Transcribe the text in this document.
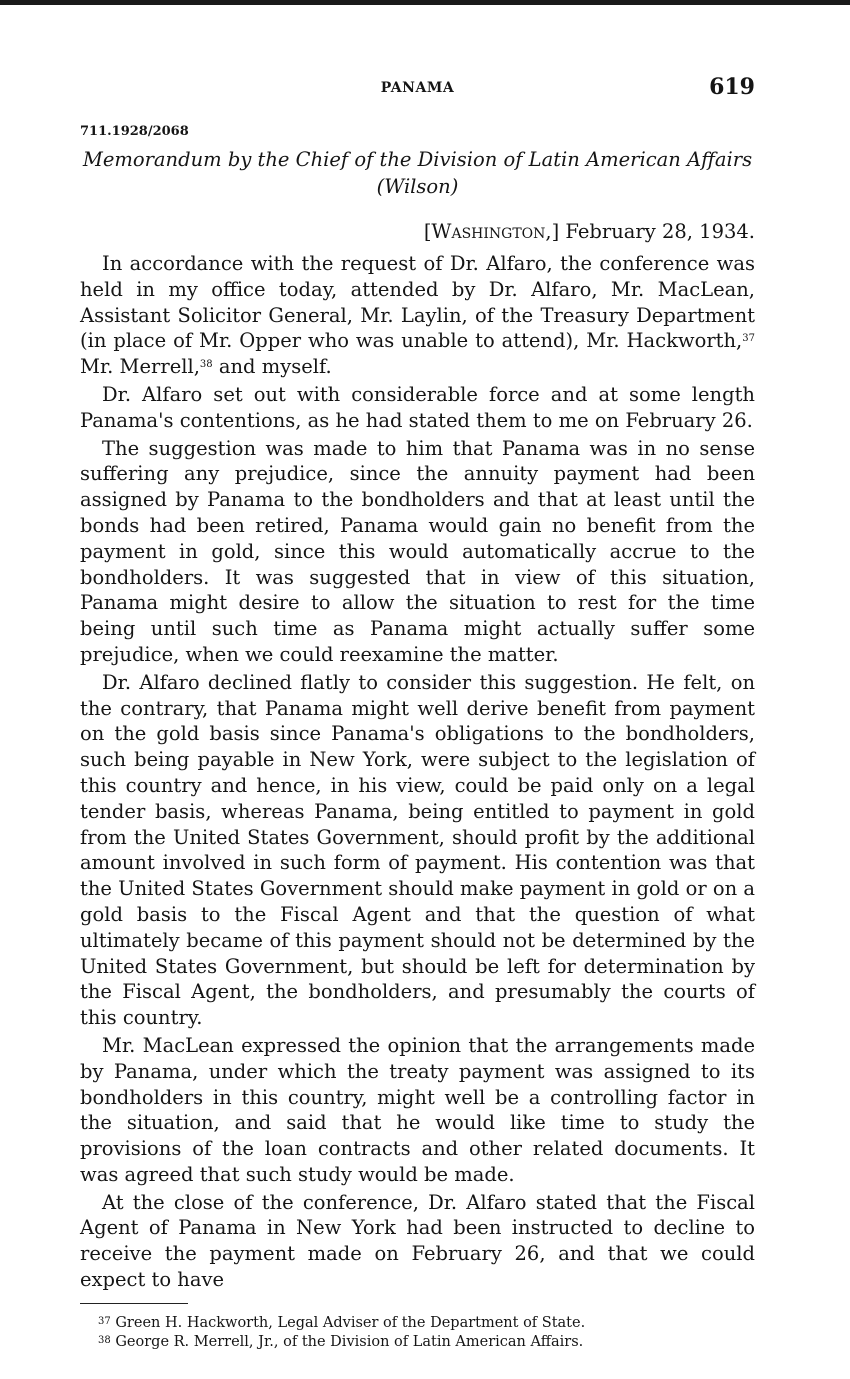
PANAMA	619
711.1928/2068
Memorandum by the Chief of the Division of Latin American Affairs
(Wilson)
[Washington,] February 28, 1934.

In accordance with the request of Dr. Alfaro, the conference was held in my office today, attended by Dr. Alfaro, Mr. MacLean, Assistant Solicitor General, Mr. Laylin, of the Treasury Department (in place of Mr. Opper who was unable to attend), Mr. Hackworth,$^{37}$ Mr. Merrell,$^{38}$ and myself.

Dr. Alfaro set out with considerable force and at some length Panama's contentions, as he had stated them to me on February 26.

The suggestion was made to him that Panama was in no sense suffering any prejudice, since the annuity payment had been assigned by Panama to the bondholders and that at least until the bonds had been retired, Panama would gain no benefit from the payment in gold, since this would automatically accrue to the bondholders. It was suggested that in view of this situation, Panama might desire to allow the situation to rest for the time being until such time as Panama might actually suffer some prejudice, when we could reexamine the matter.

Dr. Alfaro declined flatly to consider this suggestion. He felt, on the contrary, that Panama might well derive benefit from payment on the gold basis since Panama's obligations to the bondholders, such being payable in New York, were subject to the legislation of this country and hence, in his view, could be paid only on a legal tender basis, whereas Panama, being entitled to payment in gold from the United States Government, should profit by the additional amount involved in such form of payment. His contention was that the United States Government should make payment in gold or on a gold basis to the Fiscal Agent and that the question of what ultimately became of this payment should not be determined by the United States Government, but should be left for determination by the Fiscal Agent, the bondholders, and presumably the courts of this country.

Mr. MacLean expressed the opinion that the arrangements made by Panama, under which the treaty payment was assigned to its bondholders in this country, might well be a controlling factor in the situation, and said that he would like time to study the provisions of the loan contracts and other related documents. It was agreed that such study would be made.

At the close of the conference, Dr. Alfaro stated that the Fiscal Agent of Panama in New York had been instructed to decline to receive the payment made on February 26, and that we could expect to have

$^{37}$ Green H. Hackworth, Legal Adviser of the Department of State.

$^{38}$ George R. Merrell, Jr., of the Division of Latin American Affairs.
